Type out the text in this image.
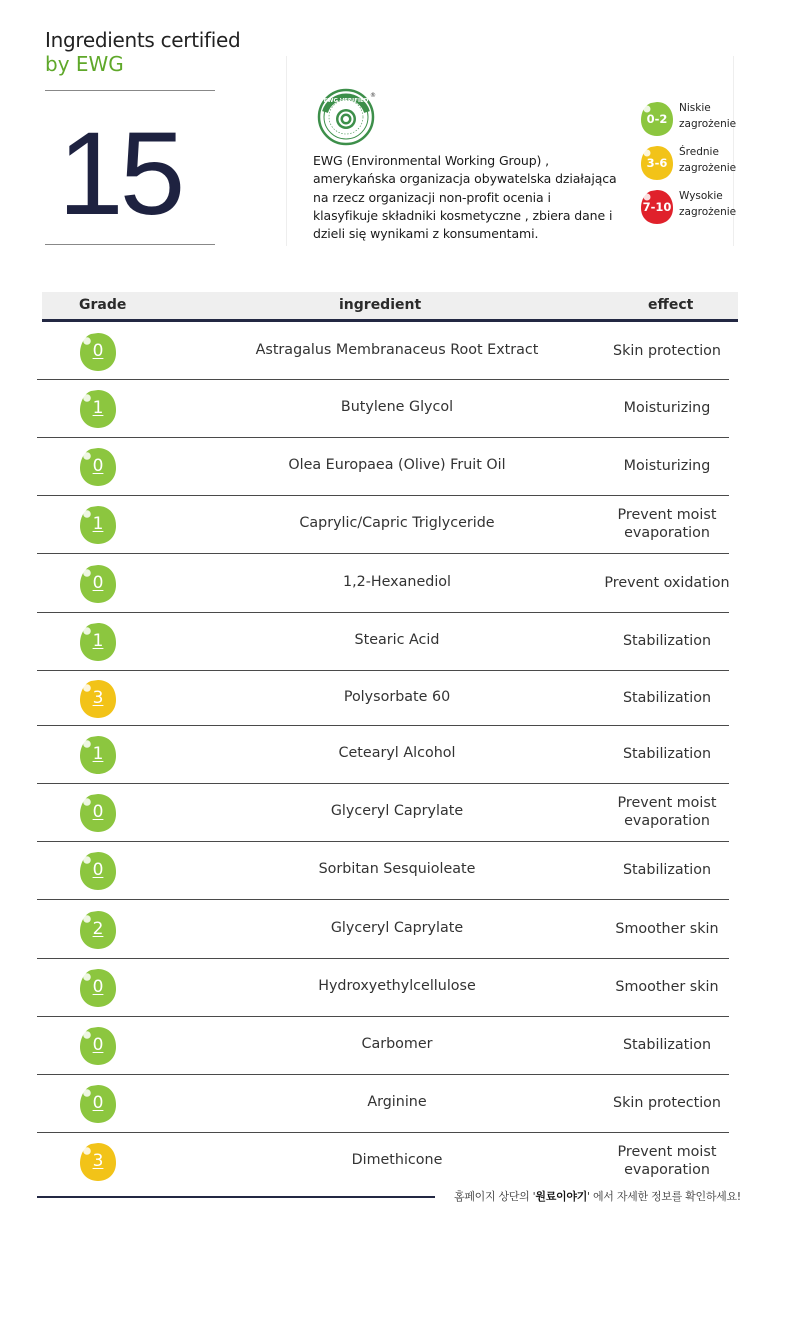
Ingredients certified
by EWG
15
EWG VERIFIED
®
EWG (Environmental Working Group) , amerykańska organizacja obywatelska działająca na rzecz organizacji non-profit ocenia i klasyfikuje składniki kosmetyczne , zbiera dane i dzieli się wynikami z konsumentami.
0-2
Niskie
zagrożenie
3-6
Średnie
zagrożenie
7-10
Wysokie
zagrożenie
Grade	ingredient	effect
0	Astragalus Membranaceus Root Extract	Skin protection
1	Butylene Glycol	Moisturizing
0	Olea Europaea (Olive) Fruit Oil	Moisturizing
1	Caprylic/Capric Triglyceride	Prevent moist
evaporation
0	1,2-Hexanediol	Prevent oxidation
1	Stearic Acid	Stabilization
3	Polysorbate 60	Stabilization
1	Cetearyl Alcohol	Stabilization
0	Glyceryl Caprylate	Prevent moist
evaporation
0	Sorbitan Sesquioleate	Stabilization
2	Glyceryl Caprylate	Smoother skin
0	Hydroxyethylcellulose	Smoother skin
0	Carbomer	Stabilization
0	Arginine	Skin protection
3	Dimethicone	Prevent moist
evaporation
홈페이지 상단의 '원료이야기' 에서 자세한 정보를 확인하세요!
